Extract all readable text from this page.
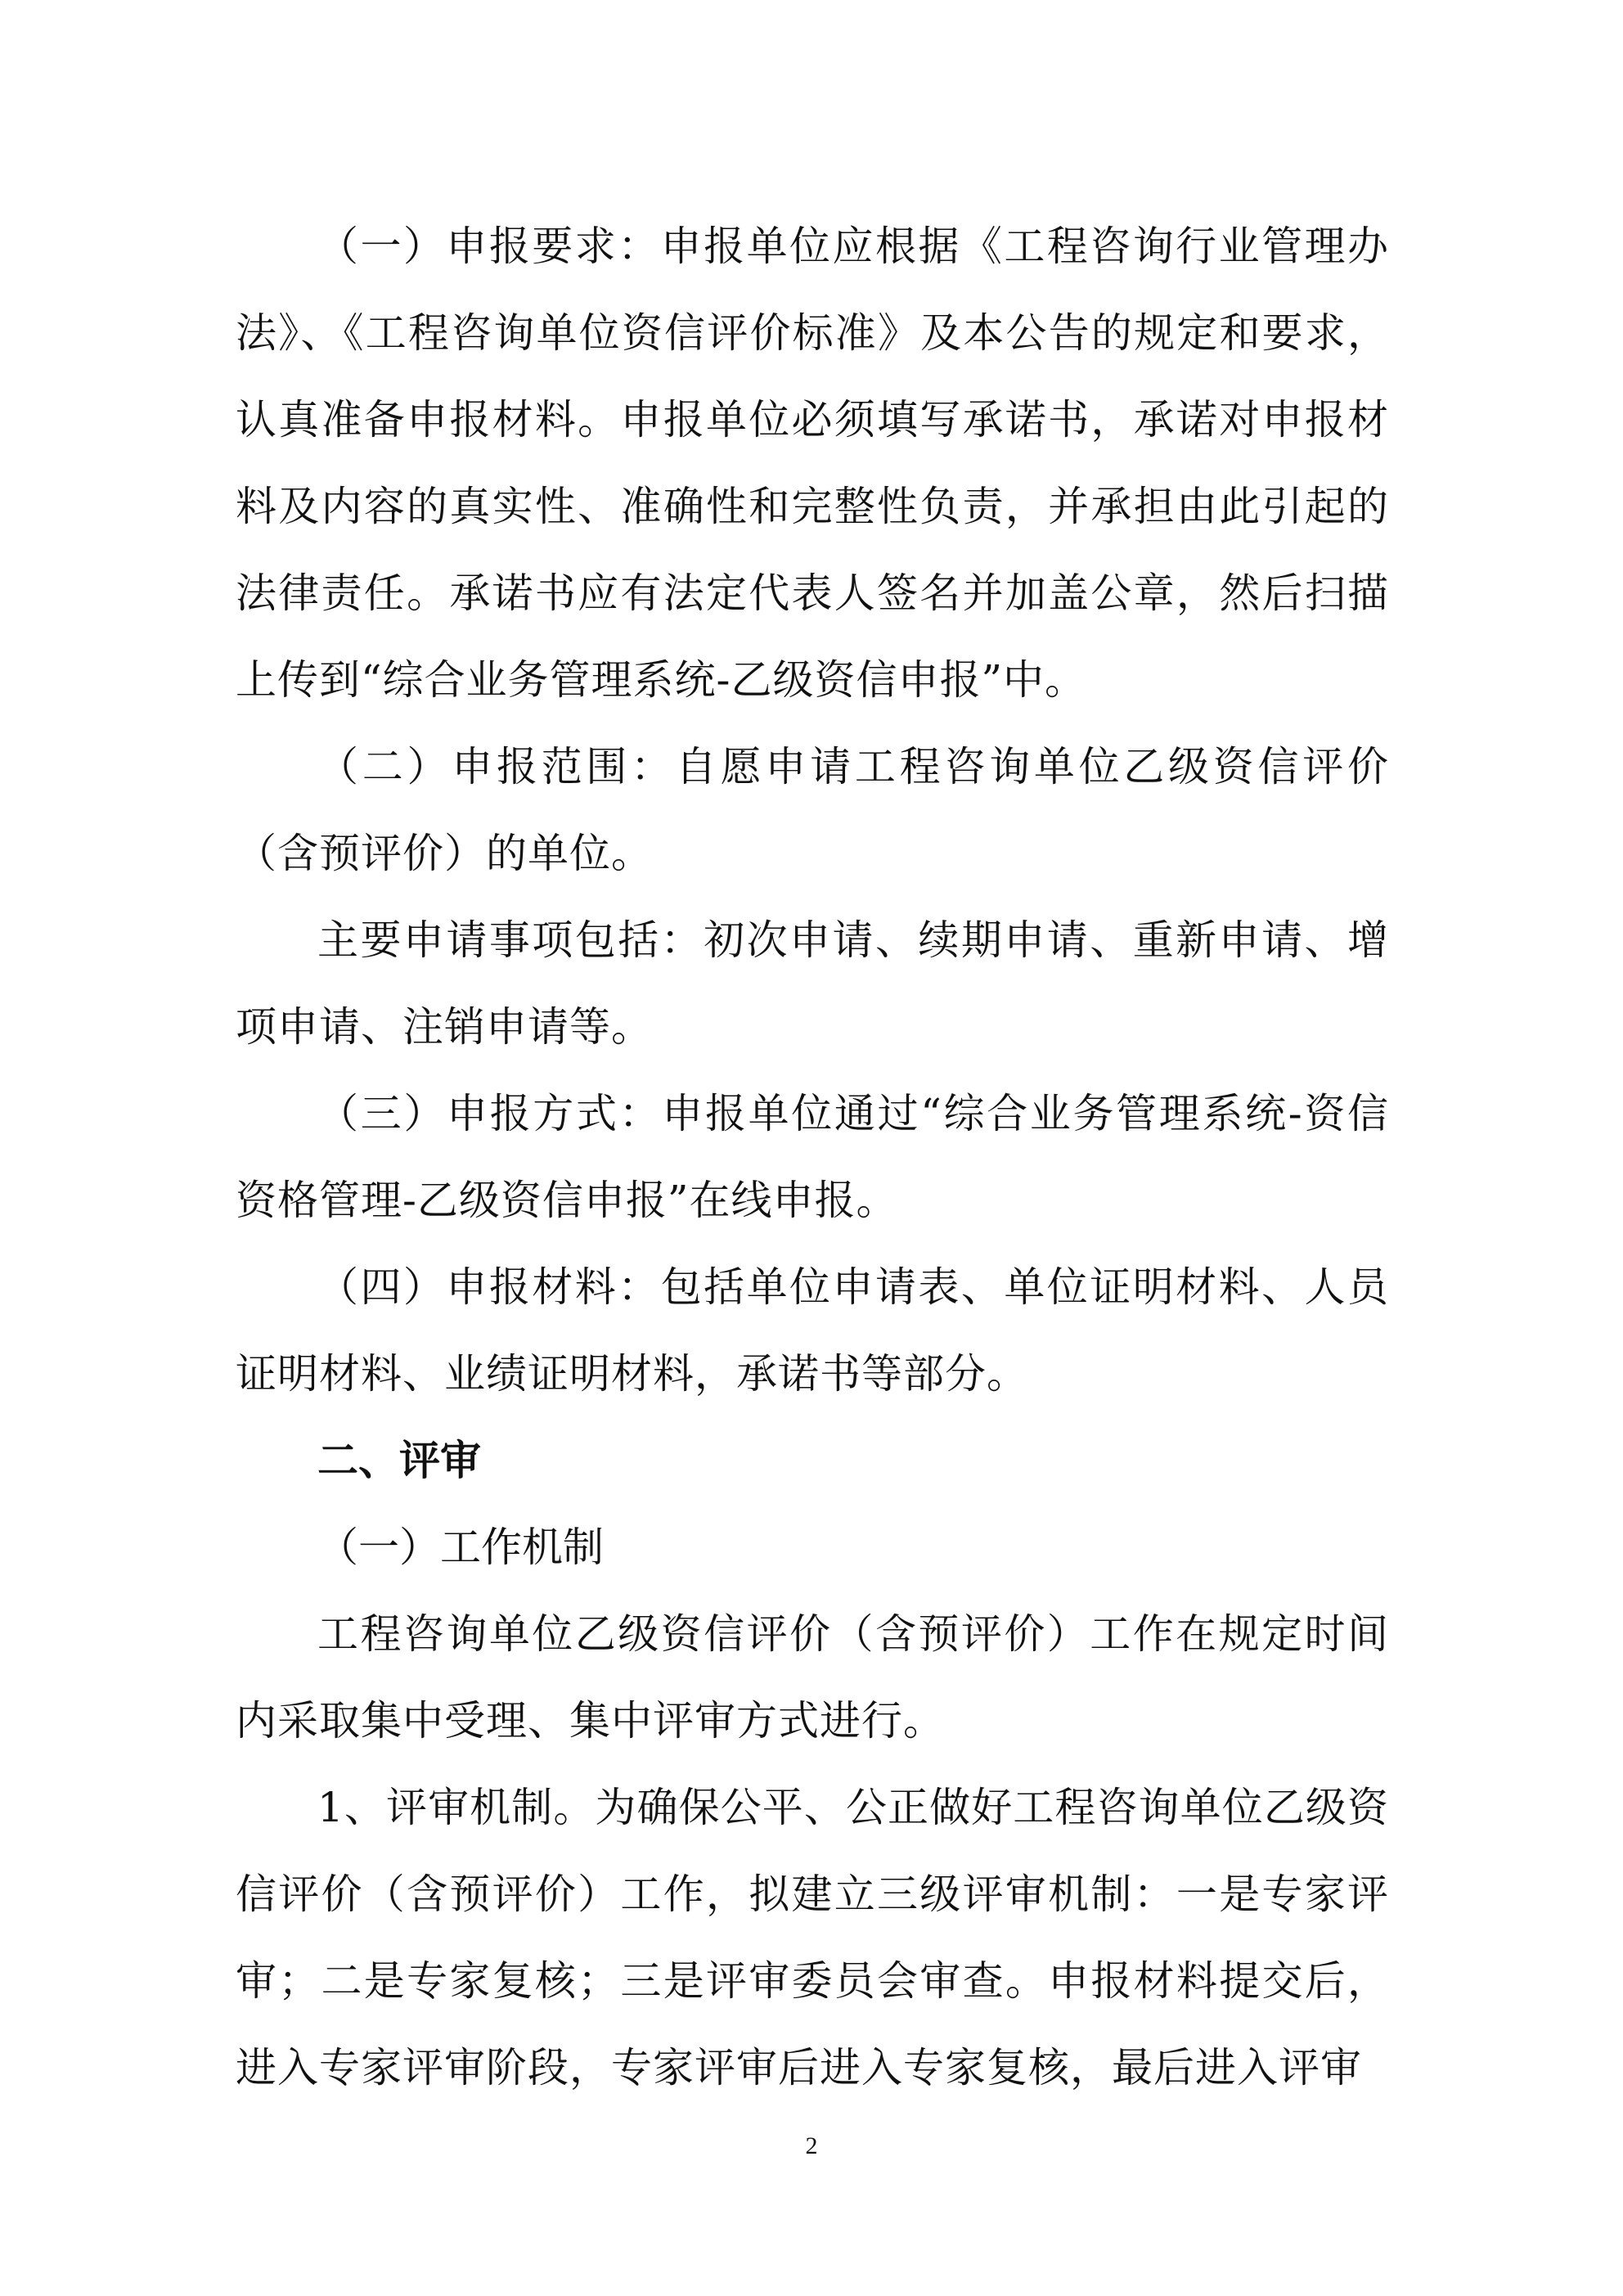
（一）申报要求：申报单位应根据《工程咨询行业管理办法》、《工程咨询单位资信评价标准》及本公告的规定和要求，认真准备申报材料。申报单位必须填写承诺书，承诺对申报材料及内容的真实性、准确性和完整性负责，并承担由此引起的法律责任。承诺书应有法定代表人签名并加盖公章，然后扫描上传到“综合业务管理系统-乙级资信申报”中。

（二）申报范围：自愿申请工程咨询单位乙级资信评价（含预评价）的单位。

主要申请事项包括：初次申请、续期申请、重新申请、增项申请、注销申请等。

（三）申报方式：申报单位通过“综合业务管理系统-资信资格管理-乙级资信申报”在线申报。

（四）申报材料：包括单位申请表、单位证明材料、人员证明材料、业绩证明材料，承诺书等部分。

二、评审

（一）工作机制

工程咨询单位乙级资信评价（含预评价）工作在规定时间内采取集中受理、集中评审方式进行。

1、评审机制。为确保公平、公正做好工程咨询单位乙级资信评价（含预评价）工作，拟建立三级评审机制：一是专家评审；二是专家复核；三是评审委员会审查。申报材料提交后，进入专家评审阶段，专家评审后进入专家复核，最后进入评审

2
